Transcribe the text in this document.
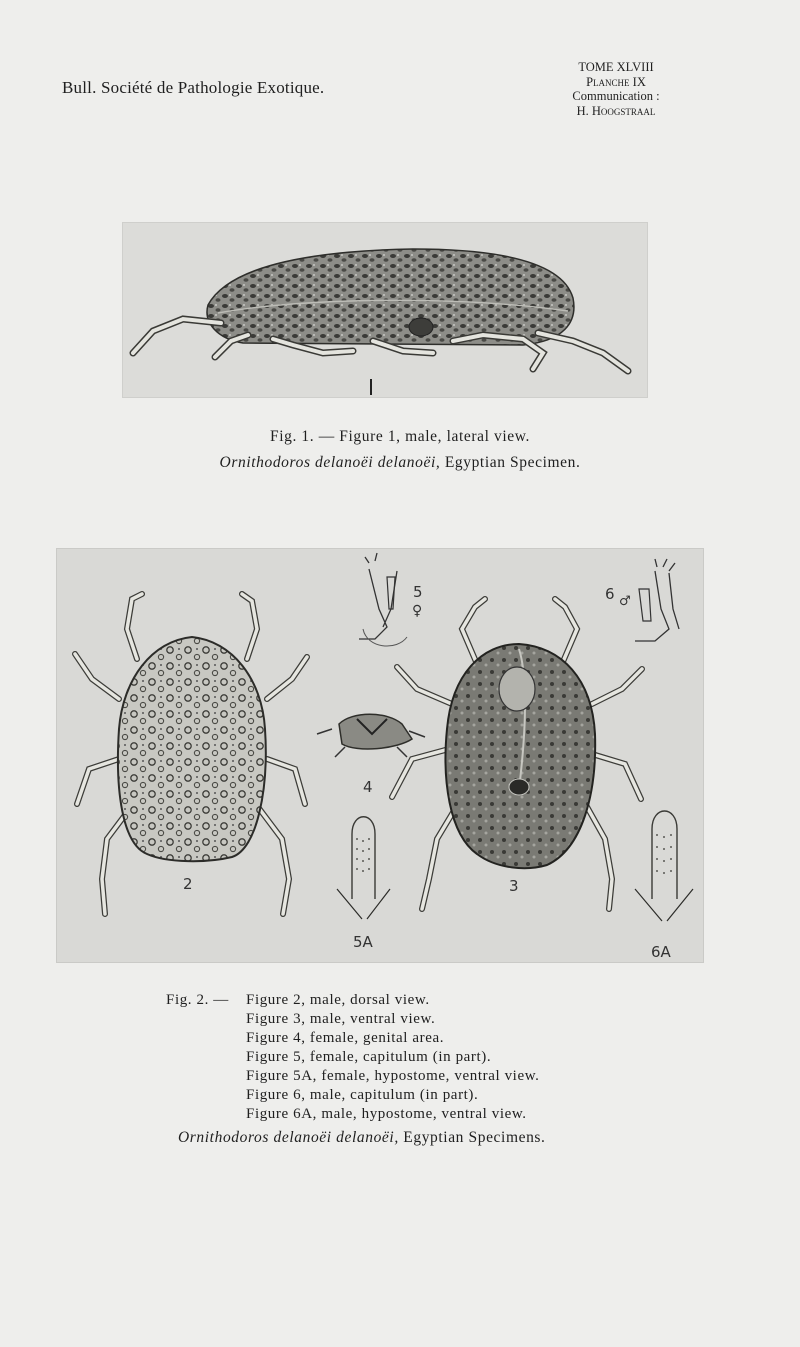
Bull. Société de Pathologie Exotique.
TOME XLVIII
Planche IX
Communication :
H. Hoogstraal
Fig. 1. — Figure 1, male, lateral view.
Ornithodoros delanoëi delanoëi, Egyptian Specimen.
2
4
5
♀
5A
3
6 ♂
6A
Fig. 2. —	Figure 2, male, dorsal view.
Figure 3, male, ventral view.
Figure 4, female, genital area.
Figure 5, female, capitulum (in part).
Figure 5A, female, hypostome, ventral view.
Figure 6, male, capitulum (in part).
Figure 6A, male, hypostome, ventral view.
Ornithodoros delanoëi delanoëi, Egyptian Specimens.
